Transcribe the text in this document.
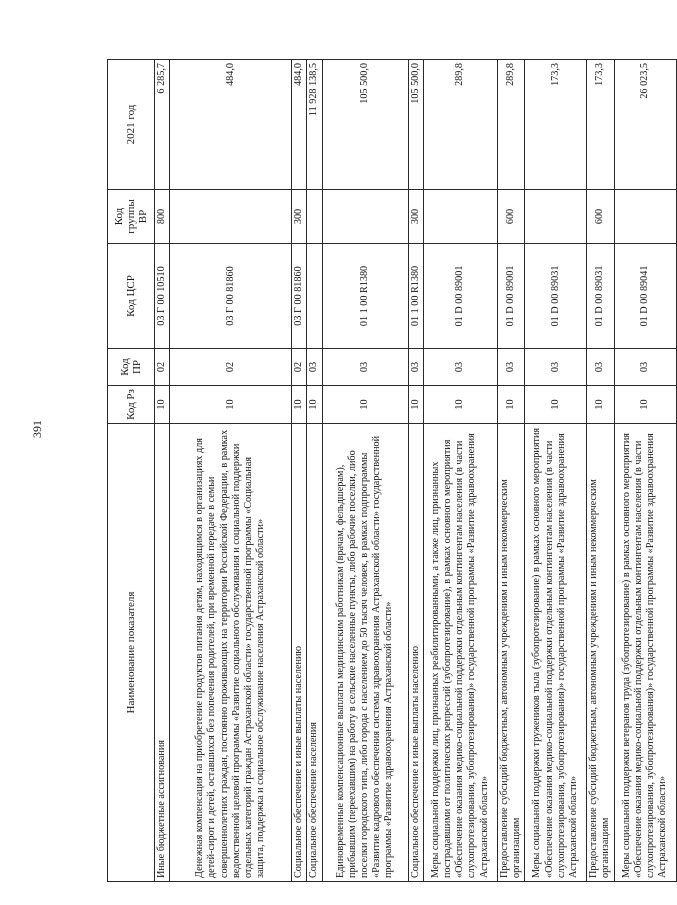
391
Наименование показателя	Код Рз	Код ПР	Код ЦСР	Код группы ВР	2021 год
Иные бюджетные ассигнования	10	02	03 Г 00 10510	800	6 285,7
Денежная компенсация на приобретение продуктов питания детям, находящимся в организациях для детей-сирот и детей, оставшихся без попечения родителей, при временной передаче в семьи совершеннолетних граждан, постоянно проживающих на территории Российской Федерации, в рамках ведомственной целевой программы «Развитие социального обслуживания и социальной поддержки отдельных категорий граждан Астраханской области» государственной программы «Социальная защита, поддержка и социальное обслуживание населения Астраханской области»	10	02	03 Г 00 81860		484,0
Социальное обеспечение и иные выплаты населению	10	02	03 Г 00 81860	300	484,0
Социальное обеспечение населения	10	03			11 928 138,5
Единовременные компенсационные выплаты медицинским работникам (врачам, фельдшерам), прибывшим (переехавшим) на работу в сельские населенные пункты, либо рабочие поселки, либо поселки городского типа, либо города с населением до 50 тысяч человек, в рамках подпрограммы «Развитие кадрового обеспечения системы здравоохранения Астраханской области» государственной программы «Развитие здравоохранения Астраханской области»	10	03	01 1 00 R1380		105 500,0
Социальное обеспечение и иные выплаты населению	10	03	01 1 00 R1380	300	105 500,0
Меры социальной поддержки лиц, признанных реабилитированными, а также лиц, признанных пострадавшими от политических репрессий (зубопротезирование), в рамках основного мероприятия «Обеспечение оказания медико-социальной поддержки отдельным контингентам населения (в части слухопротезирования, зубопротезирования)» государственной программы «Развитие здравоохранения Астраханской области»	10	03	01 D 00 89001		289,8
Предоставление субсидий бюджетным, автономным учреждениям и иным некоммерческим организациям	10	03	01 D 00 89001	600	289,8
Меры социальной поддержки тружеников тыла (зубопротезирование) в рамках основного мероприятия «Обеспечение оказания медико-социальной поддержки отдельным контингентам населения (в части слухопротезирования, зубопротезирования)» государственной программы «Развитие здравоохранения Астраханской области»	10	03	01 D 00 89031		173,3
Предоставление субсидий бюджетным, автономным учреждениям и иным некоммерческим организациям	10	03	01 D 00 89031	600	173,3
Меры социальной поддержки ветеранов труда (зубопротезирование) в рамках основного мероприятия «Обеспечение оказания медико-социальной поддержки отдельным контингентам населения (в части слухопротезирования, зубопротезирования)» государственной программы «Развитие здравоохранения Астраханской области»	10	03	01 D 00 89041		26 023,5
